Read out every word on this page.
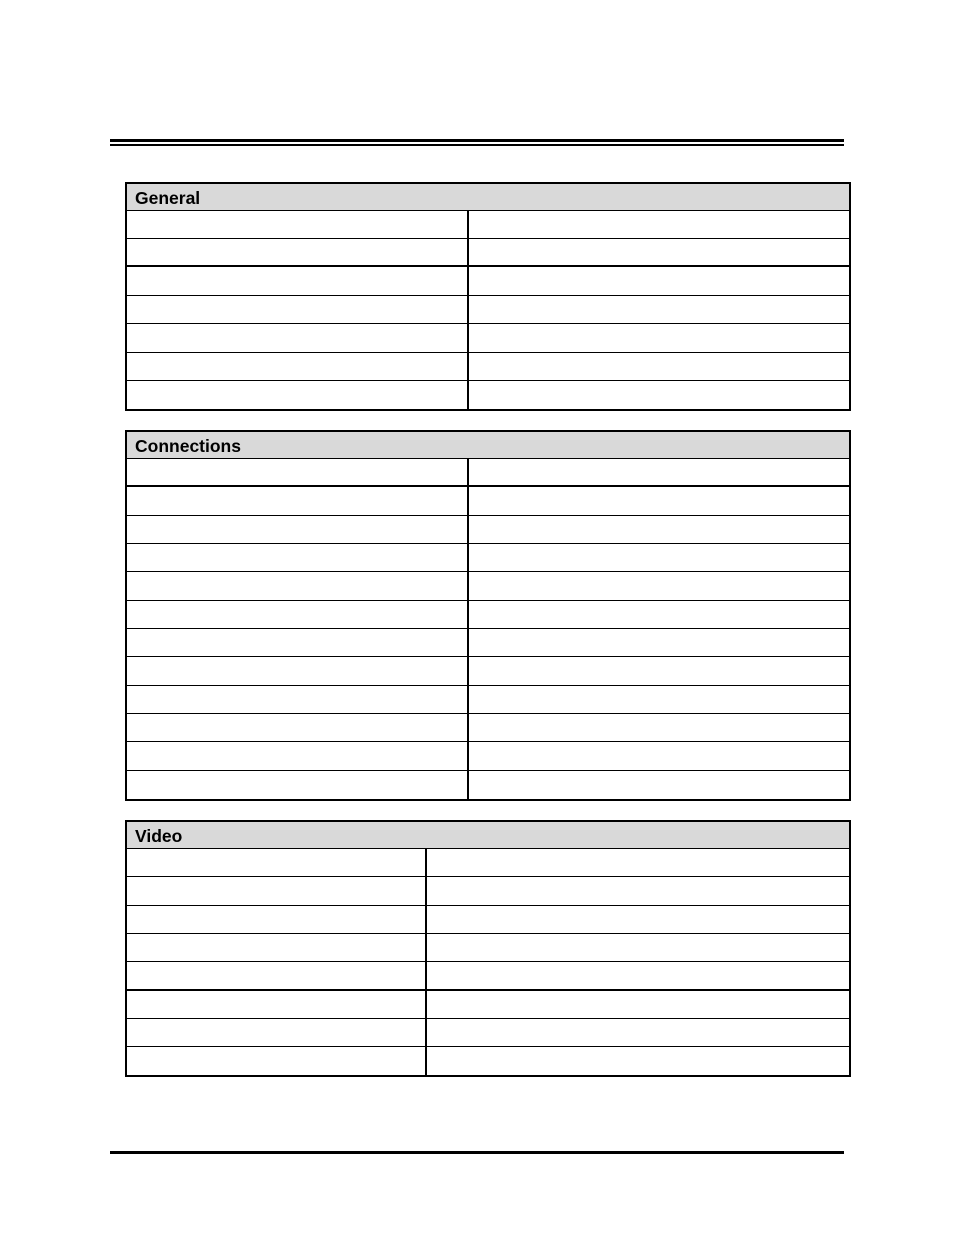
General
Connections
Video
